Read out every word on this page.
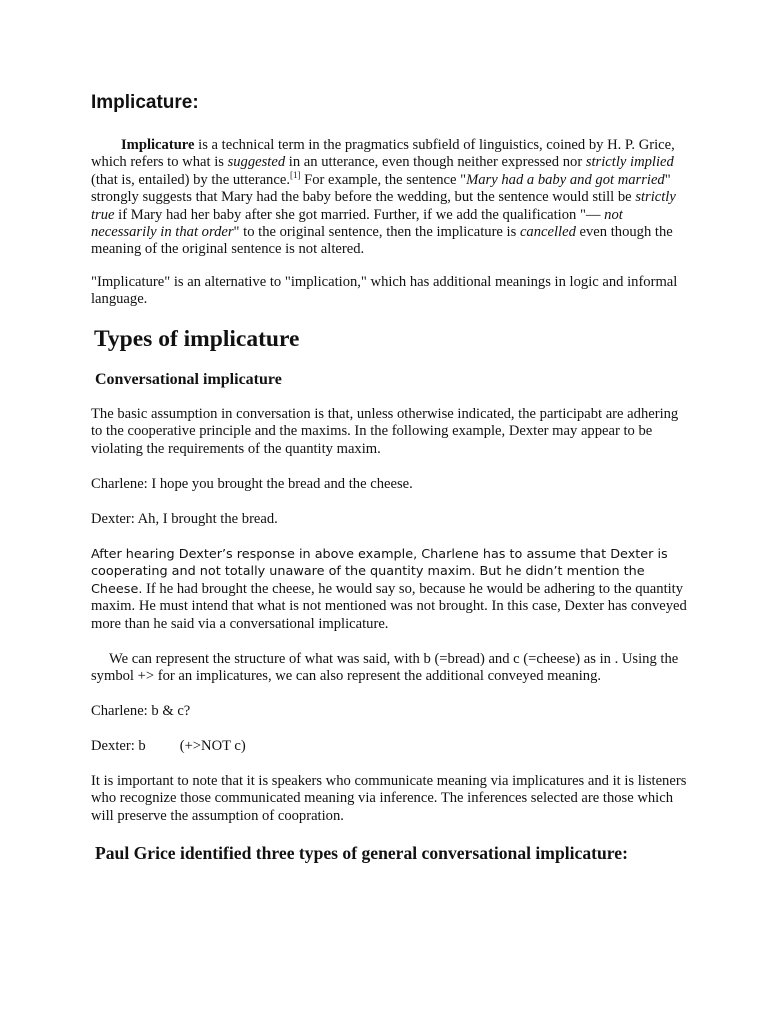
Implicature:

Implicature is a technical term in the pragmatics subfield of linguistics, coined by H. P. Grice, which refers to what is suggested in an utterance, even though neither expressed nor strictly implied (that is, entailed) by the utterance.[1] For example, the sentence "Mary had a baby and got married" strongly suggests that Mary had the baby before the wedding, but the sentence would still be strictly true if Mary had her baby after she got married. Further, if we add the qualification "— not necessarily in that order" to the original sentence, then the implicature is cancelled even though the meaning of the original sentence is not altered.

"Implicature" is an alternative to "implication," which has additional meanings in logic and informal language.

Types of implicature
Conversational implicature

The basic assumption in conversation is that, unless otherwise indicated, the participabt are adhering to the cooperative principle and the maxims. In the following example, Dexter may appear to be violating the requirements of the quantity maxim.

Charlene: I hope you brought the bread and the cheese.

Dexter: Ah, I brought the bread.

After hearing Dexter’s response in above example, Charlene has to assume that Dexter is cooperating and not totally unaware of the quantity maxim. But he didn’t mention the Cheese. If he had brought the cheese, he would say so, because he would be adhering to the quantity maxim. He must intend that what is not mentioned was not brought. In this case, Dexter has conveyed more than he said via a conversational implicature.

We can represent the structure of what was said, with b (=bread) and c (=cheese) as in . Using the symbol +> for an implicatures, we can also represent the additional conveyed meaning.

Charlene: b & c?

Dexter: b (+>NOT c)

It is important to note that it is speakers who communicate meaning via implicatures and it is listeners who recognize those communicated meaning via inference. The inferences selected are those which will preserve the assumption of coopration.

Paul Grice identified three types of general conversational implicature:
